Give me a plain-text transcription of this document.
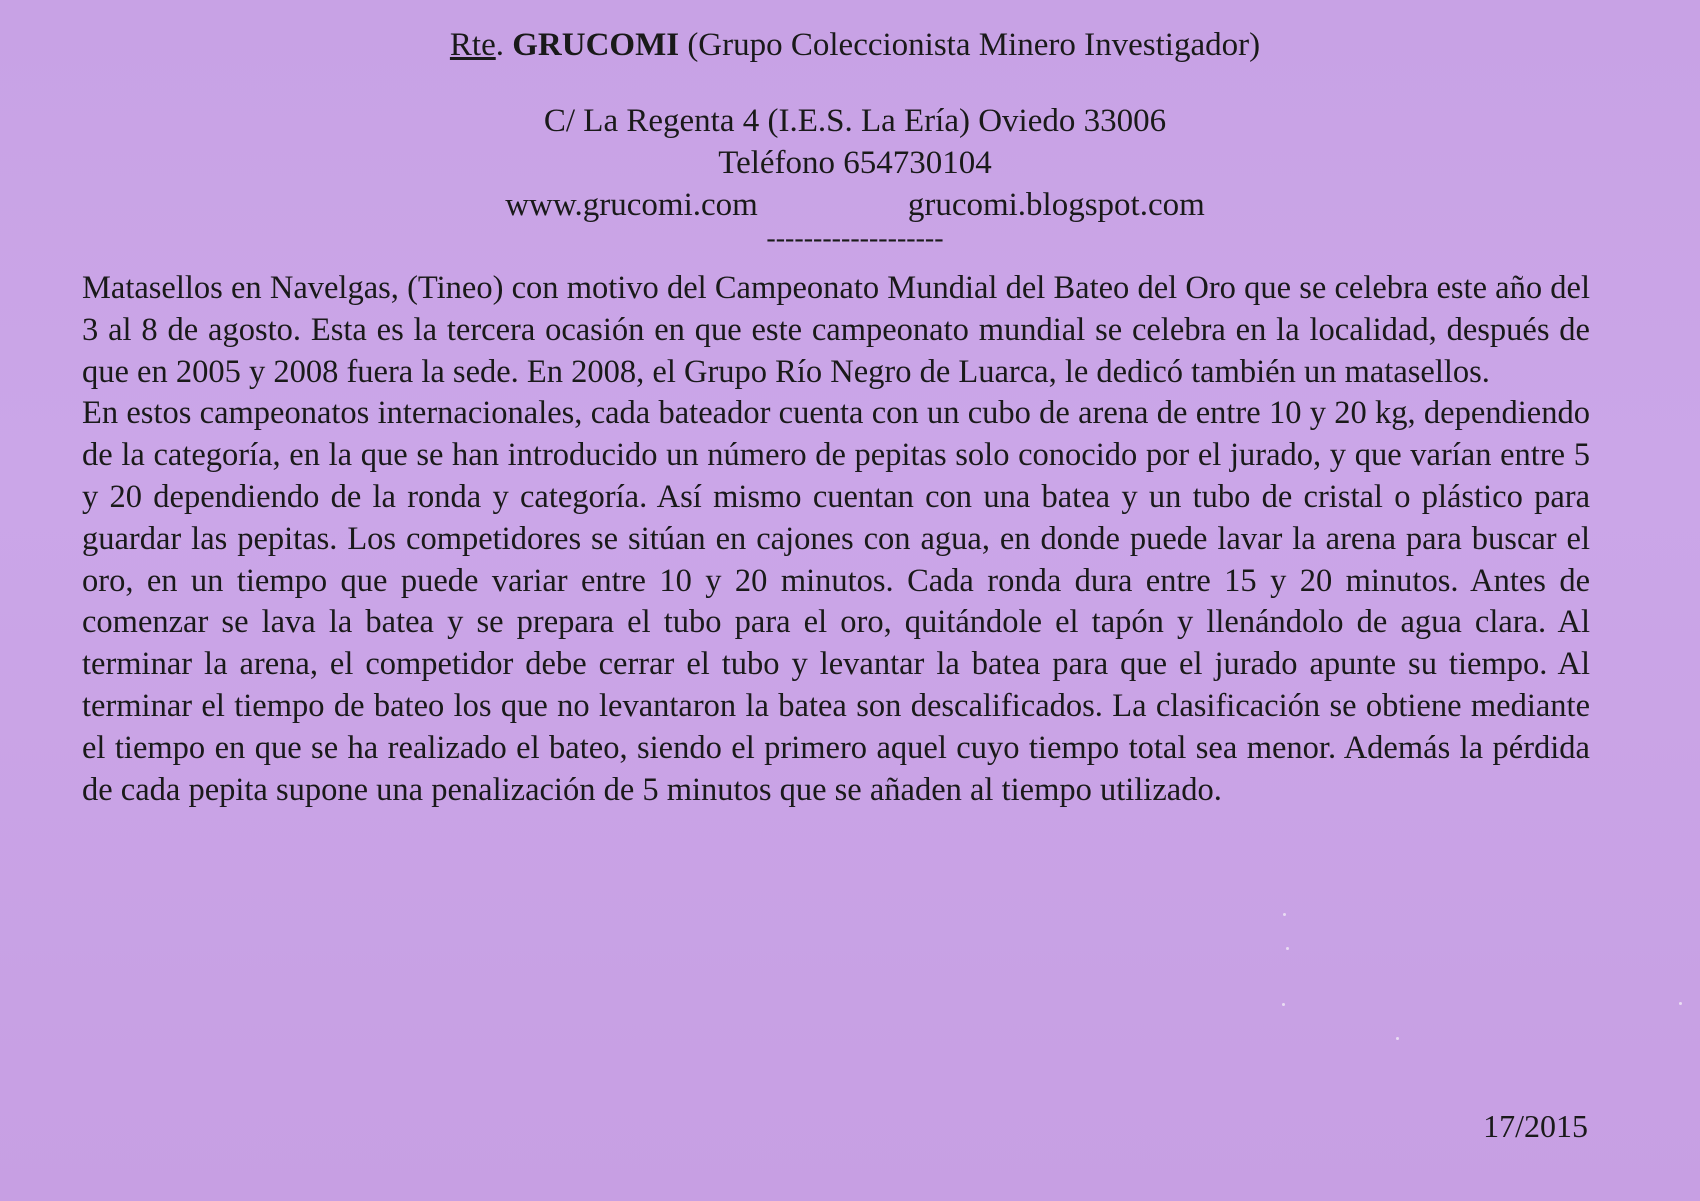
Rte. GRUCOMI (Grupo Coleccionista Minero Investigador)

C/ La Regenta 4 (I.E.S. La Ería) Oviedo 33006
Teléfono 654730104
www.grucomi.com	grucomi.blogspot.com
-------------------

Matasellos en Navelgas, (Tineo) con motivo del Campeonato Mundial del Bateo del Oro que se celebra este año del 3 al 8 de agosto. Esta es la tercera ocasión en que este campeonato mundial se celebra en la localidad, después de que en 2005 y 2008 fuera la sede. En 2008, el Grupo Río Negro de Luarca, le dedicó también un matasellos.

En estos campeonatos internacionales, cada bateador cuenta con un cubo de arena de entre 10 y 20 kg, dependiendo de la categoría, en la que se han introducido un número de pepitas solo conocido por el jurado, y que varían entre 5 y 20 dependiendo de la ronda y categoría. Así mismo cuentan con una batea y un tubo de cristal o plástico para guardar las pepitas. Los competidores se sitúan en cajones con agua, en donde puede lavar la arena para buscar el oro, en un tiempo que puede variar entre 10 y 20 minutos. Cada ronda dura entre 15 y 20 minutos. Antes de comenzar se lava la batea y se prepara el tubo para el oro, quitándole el tapón y llenándolo de agua clara. Al terminar la arena, el competidor debe cerrar el tubo y levantar la batea para que el jurado apunte su tiempo. Al terminar el tiempo de bateo los que no levantaron la batea son descalificados. La clasificación se obtiene mediante el tiempo en que se ha realizado el bateo, siendo el primero aquel cuyo tiempo total sea menor. Además la pérdida de cada pepita supone una penalización de 5 minutos que se añaden al tiempo utilizado.

17/2015
